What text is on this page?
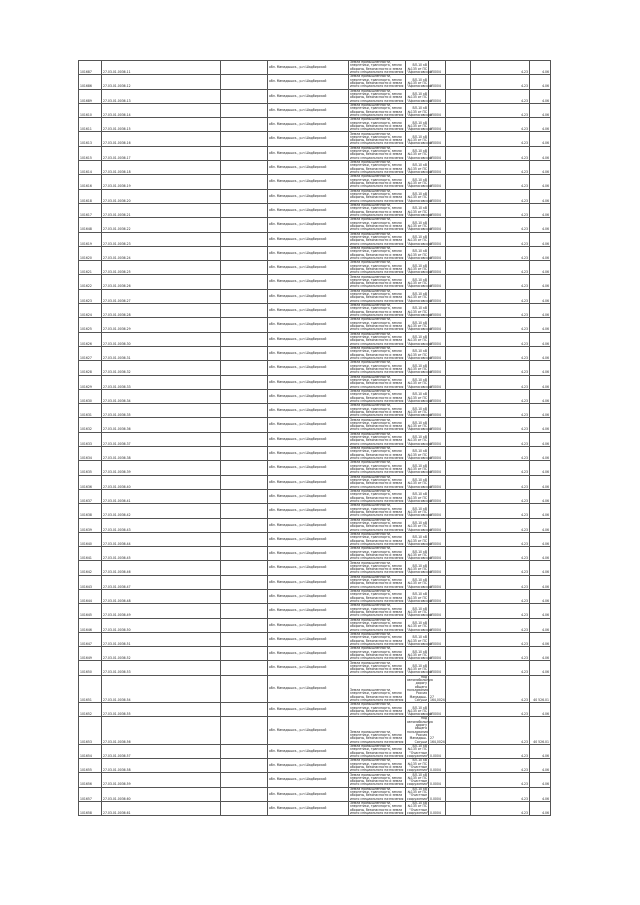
101687	27.03.01.0036.11		обл. Мамадышск., р-н Шадбирский	Земли промышленности, энергетики, транспорта, земли обороны, безопасности и земли иного специального назначения	ВЛ-10 кВ №135 от ПС "Афанасовская"	0.0004		4.23	4.06
101686	27.03.01.0036.12		обл. Мамадышск., р-н Шадбирский	Земли промышленности, энергетики, транспорта, земли обороны, безопасности и земли иного специального назначения	ВЛ-10 кВ №135 от ПС "Афанасовская"	0.0004		4.23	4.06
101689	27.03.01.0036.13		обл. Мамадышск., р-н Шадбирский	Земли промышленности, энергетики, транспорта, земли обороны, безопасности и земли иного специального назначения	ВЛ-10 кВ №135 от ПС "Афанасовская"	0.0004		4.23	4.06
101610	27.03.01.0036.14		обл. Мамадышск., р-н Шадбирский	Земли промышленности, энергетики, транспорта, земли обороны, безопасности и земли иного специального назначения	ВЛ-10 кВ №135 от ПС "Афанасовская"	0.0004		4.23	4.06
101611	27.03.01.0036.15		обл. Мамадышск., р-н Шадбирский	Земли промышленности, энергетики, транспорта, земли обороны, безопасности и земли иного специального назначения	ВЛ-10 кВ №135 от ПС "Афанасовская"	0.0004		4.23	4.06
101613	27.03.01.0036.16		обл. Мамадышск., р-н Шадбирский	Земли промышленности, энергетики, транспорта, земли обороны, безопасности и земли иного специального назначения	ВЛ-10 кВ №135 от ПС "Афанасовская"	0.0004		4.23	4.06
101615	27.03.01.0036.17		обл. Мамадышск., р-н Шадбирский	Земли промышленности, энергетики, транспорта, земли обороны, безопасности и земли иного специального назначения	ВЛ-10 кВ №135 от ПС "Афанасовская"	0.0004		4.23	4.06
101614	27.03.01.0036.18		обл. Мамадышск., р-н Шадбирский	Земли промышленности, энергетики, транспорта, земли обороны, безопасности и земли иного специального назначения	ВЛ-10 кВ №135 от ПС "Афанасовская"	0.0004		4.23	4.06
101616	27.03.01.0036.19		обл. Мамадышск., р-н Шадбирский	Земли промышленности, энергетики, транспорта, земли обороны, безопасности и земли иного специального назначения	ВЛ-10 кВ №135 от ПС "Афанасовская"	0.0004		4.23	4.06
101618	27.03.01.0036.20		обл. Мамадышск., р-н Шадбирский	Земли промышленности, энергетики, транспорта, земли обороны, безопасности и земли иного специального назначения	ВЛ-10 кВ №135 от ПС "Афанасовская"	0.0004		4.23	4.06
101617	27.03.01.0036.21		обл. Мамадышск., р-н Шадбирский	Земли промышленности, энергетики, транспорта, земли обороны, безопасности и земли иного специального назначения	ВЛ-10 кВ №135 от ПС "Афанасовская"	0.0004		4.23	4.06
101648	27.03.01.0036.22		обл. Мамадышск., р-н Шадбирский	Земли промышленности, энергетики, транспорта, земли обороны, безопасности и земли иного специального назначения	ВЛ-10 кВ №135 от ПС "Афанасовская"	0.0004		4.23	4.06
101619	27.03.01.0036.23		обл. Мамадышск., р-н Шадбирский	Земли промышленности, энергетики, транспорта, земли обороны, безопасности и земли иного специального назначения	ВЛ-10 кВ №135 от ПС "Афанасовская"	0.0004		4.23	4.06
101620	27.03.01.0036.24		обл. Мамадышск., р-н Шадбирский	Земли промышленности, энергетики, транспорта, земли обороны, безопасности и земли иного специального назначения	ВЛ-10 кВ №135 от ПС "Афанасовская"	0.0004		4.23	4.06
101621	27.03.01.0036.25		обл. Мамадышск., р-н Шадбирский	Земли промышленности, энергетики, транспорта, земли обороны, безопасности и земли иного специального назначения	ВЛ-10 кВ №135 от ПС "Афанасовская"	0.0004		4.23	4.06
101622	27.03.01.0036.26		обл. Мамадышск., р-н Шадбирский	Земли промышленности, энергетики, транспорта, земли обороны, безопасности и земли иного специального назначения	ВЛ-10 кВ №135 от ПС "Афанасовская"	0.0004		4.23	4.06
101623	27.03.01.0036.27		обл. Мамадышск., р-н Шадбирский	Земли промышленности, энергетики, транспорта, земли обороны, безопасности и земли иного специального назначения	ВЛ-10 кВ №135 от ПС "Афанасовская"	0.0004		4.23	4.06
101624	27.03.01.0036.28		обл. Мамадышск., р-н Шадбирский	Земли промышленности, энергетики, транспорта, земли обороны, безопасности и земли иного специального назначения	ВЛ-10 кВ №135 от ПС "Афанасовская"	0.0004		4.23	4.06
101625	27.03.01.0036.29		обл. Мамадышск., р-н Шадбирский	Земли промышленности, энергетики, транспорта, земли обороны, безопасности и земли иного специального назначения	ВЛ-10 кВ №135 от ПС "Афанасовская"	0.0004		4.23	4.06
101626	27.03.01.0036.30		обл. Мамадышск., р-н Шадбирский	Земли промышленности, энергетики, транспорта, земли обороны, безопасности и земли иного специального назначения	ВЛ-10 кВ №135 от ПС "Афанасовская"	0.0004		4.23	4.06
101627	27.03.01.0036.31		обл. Мамадышск., р-н Шадбирский	Земли промышленности, энергетики, транспорта, земли обороны, безопасности и земли иного специального назначения	ВЛ-10 кВ №135 от ПС "Афанасовская"	0.0004		4.23	4.06
101628	27.03.01.0036.32		обл. Мамадышск., р-н Шадбирский	Земли промышленности, энергетики, транспорта, земли обороны, безопасности и земли иного специального назначения	ВЛ-10 кВ №135 от ПС "Афанасовская"	0.0004		4.23	4.06
101629	27.03.01.0036.33		обл. Мамадышск., р-н Шадбирский	Земли промышленности, энергетики, транспорта, земли обороны, безопасности и земли иного специального назначения	ВЛ-10 кВ №135 от ПС "Афанасовская"	0.0004		4.23	4.06
101630	27.03.01.0036.34		обл. Мамадышск., р-н Шадбирский	Земли промышленности, энергетики, транспорта, земли обороны, безопасности и земли иного специального назначения	ВЛ-10 кВ №135 от ПС "Афанасовская"	0.0004		4.23	4.06
101631	27.03.01.0036.35		обл. Мамадышск., р-н Шадбирский	Земли промышленности, энергетики, транспорта, земли обороны, безопасности и земли иного специального назначения	ВЛ-10 кВ №135 от ПС "Афанасовская"	0.0004		4.23	4.06
101632	27.03.01.0036.36		обл. Мамадышск., р-н Шадбирский	Земли промышленности, энергетики, транспорта, земли обороны, безопасности и земли иного специального назначения	ВЛ-10 кВ №135 от ПС "Афанасовская"	0.0004		4.23	4.06
101633	27.03.01.0036.37		обл. Мамадышск., р-н Шадбирский	Земли промышленности, энергетики, транспорта, земли обороны, безопасности и земли иного специального назначения	ВЛ-10 кВ №135 от ПС "Афанасовская"	0.0004		4.23	4.06
101634	27.03.01.0036.38		обл. Мамадышск., р-н Шадбирский	Земли промышленности, энергетики, транспорта, земли обороны, безопасности и земли иного специального назначения	ВЛ-10 кВ №135 от ПС "Афанасовская"	0.0004		4.23	4.06
101635	27.03.01.0036.39		обл. Мамадышск., р-н Шадбирский	Земли промышленности, энергетики, транспорта, земли обороны, безопасности и земли иного специального назначения	ВЛ-10 кВ №135 от ПС "Афанасовская"	0.0004		4.23	4.06
101636	27.03.01.0036.40		обл. Мамадышск., р-н Шадбирский	Земли промышленности, энергетики, транспорта, земли обороны, безопасности и земли иного специального назначения	ВЛ-10 кВ №135 от ПС "Афанасовская"	0.0004		4.23	4.06
101637	27.03.01.0036.41		обл. Мамадышск., р-н Шадбирский	Земли промышленности, энергетики, транспорта, земли обороны, безопасности и земли иного специального назначения	ВЛ-10 кВ №135 от ПС "Афанасовская"	0.0004		4.23	4.06
101638	27.03.01.0036.42		обл. Мамадышск., р-н Шадбирский	Земли промышленности, энергетики, транспорта, земли обороны, безопасности и земли иного специального назначения	ВЛ-10 кВ №135 от ПС "Афанасовская"	0.0004		4.23	4.06
101639	27.03.01.0036.43		обл. Мамадышск., р-н Шадбирский	Земли промышленности, энергетики, транспорта, земли обороны, безопасности и земли иного специального назначения	ВЛ-10 кВ №135 от ПС "Афанасовская"	0.0004		4.23	4.06
101640	27.03.01.0036.44		обл. Мамадышск., р-н Шадбирский	Земли промышленности, энергетики, транспорта, земли обороны, безопасности и земли иного специального назначения	ВЛ-10 кВ №135 от ПС "Афанасовская"	0.0004		4.23	4.06
101641	27.03.01.0036.45		обл. Мамадышск., р-н Шадбирский	Земли промышленности, энергетики, транспорта, земли обороны, безопасности и земли иного специального назначения	ВЛ-10 кВ №135 от ПС "Афанасовская"	0.0004		4.23	4.06
101642	27.03.01.0036.46		обл. Мамадышск., р-н Шадбирский	Земли промышленности, энергетики, транспорта, земли обороны, безопасности и земли иного специального назначения	ВЛ-10 кВ №135 от ПС "Афанасовская"	0.0004		4.23	4.06
101643	27.03.01.0036.47		обл. Мамадышск., р-н Шадбирский	Земли промышленности, энергетики, транспорта, земли обороны, безопасности и земли иного специального назначения	ВЛ-10 кВ №135 от ПС "Афанасовская"	0.0004		4.23	4.06
101644	27.03.01.0036.48		обл. Мамадышск., р-н Шадбирский	Земли промышленности, энергетики, транспорта, земли обороны, безопасности и земли иного специального назначения	ВЛ-10 кВ №135 от ПС "Афанасовская"	0.0004		4.23	4.06
101645	27.03.01.0036.49		обл. Мамадышск., р-н Шадбирский	Земли промышленности, энергетики, транспорта, земли обороны, безопасности и земли иного специального назначения	ВЛ-10 кВ №135 от ПС "Афанасовская"	0.0004		4.23	4.06
101646	27.03.01.0036.50		обл. Мамадышск., р-н Шадбирский	Земли промышленности, энергетики, транспорта, земли обороны, безопасности и земли иного специального назначения	ВЛ-10 кВ №135 от ПС "Афанасовская"	0.0004		4.23	4.06
101647	27.03.01.0036.51		обл. Мамадышск., р-н Шадбирский	Земли промышленности, энергетики, транспорта, земли обороны, безопасности и земли иного специального назначения	ВЛ-10 кВ №135 от ПС "Афанасовская"	0.0004		4.23	4.06
101649	27.03.01.0036.52		обл. Мамадышск., р-н Шадбирский	Земли промышленности, энергетики, транспорта, земли обороны, безопасности и земли иного специального назначения	ВЛ-10 кВ №135 от ПС "Афанасовская"	0.0004		4.23	4.06
101650	27.03.01.0036.53		обл. Мамадышск., р-н Шадбирский	Земли промышленности, энергетики, транспорта, земли обороны, безопасности и земли иного специального назначения	ВЛ-10 кВ №135 от ПС "Афанасовская"	0.0004		4.23	4.06
101651	27.03.01.0036.54		обл. Мамадышск., р-н Шадбирский	Земли промышленности, энергетики, транспорта, земли обороны, безопасности и земли иного специального назначения	под автомобильную дорогу общего пользования Россия Мамадыш-Сосуши	27 164,0024		4.23	40 526.01
101652	27.03.01.0036.55		обл. Мамадышск., р-н Шадбирский	Земли промышленности, энергетики, транспорта, земли обороны, безопасности и земли иного специального назначения	ВЛ-10 кВ №135 от ПС "Афанасовская"	0.0004		4.23	4.06
101653	27.03.01.0036.56		обл. Мамадышск., р-н Шадбирский	Земли промышленности, энергетики, транспорта, земли обороны, безопасности и земли иного специального назначения	под автомобильную дорогу общего пользования Россия Мамадыш-Сосуши	27 164,0024		4.23	40 526.01
101654	27.03.01.0036.57		обл. Мамадышск., р-н Шадбирский	Земли промышленности, энергетики, транспорта, земли обороны, безопасности и земли иного специального назначения	ВЛ-10 кВ №135 от ПС "Очистные сооружения"	0.0004		4.23	4.06
101655	27.03.01.0036.58		обл. Мамадышск., р-н Шадбирский	Земли промышленности, энергетики, транспорта, земли обороны, безопасности и земли иного специального назначения	ВЛ-10 кВ №135 от ПС "Очистные сооружения"	0.0004		4.23	4.06
101656	27.03.01.0036.59		обл. Мамадышск., р-н Шадбирский	Земли промышленности, энергетики, транспорта, земли обороны, безопасности и земли иного специального назначения	ВЛ-10 кВ №135 от ПС "Очистные сооружения"	0.0004		4.23	4.06
101657	27.03.01.0036.60		обл. Мамадышск., р-н Шадбирский	Земли промышленности, энергетики, транспорта, земли обороны, безопасности и земли иного специального назначения	ВЛ-10 кВ №135 от ПС "Очистные сооружения"	0.0004		4.23	4.06
101658	27.03.01.0036.61		обл. Мамадышск., р-н Шадбирский	Земли промышленности, энергетики, транспорта, земли обороны, безопасности и земли иного специального назначения	ВЛ-10 кВ №135 от ПС "Очистные сооружения"	0.0004		4.23	4.06
